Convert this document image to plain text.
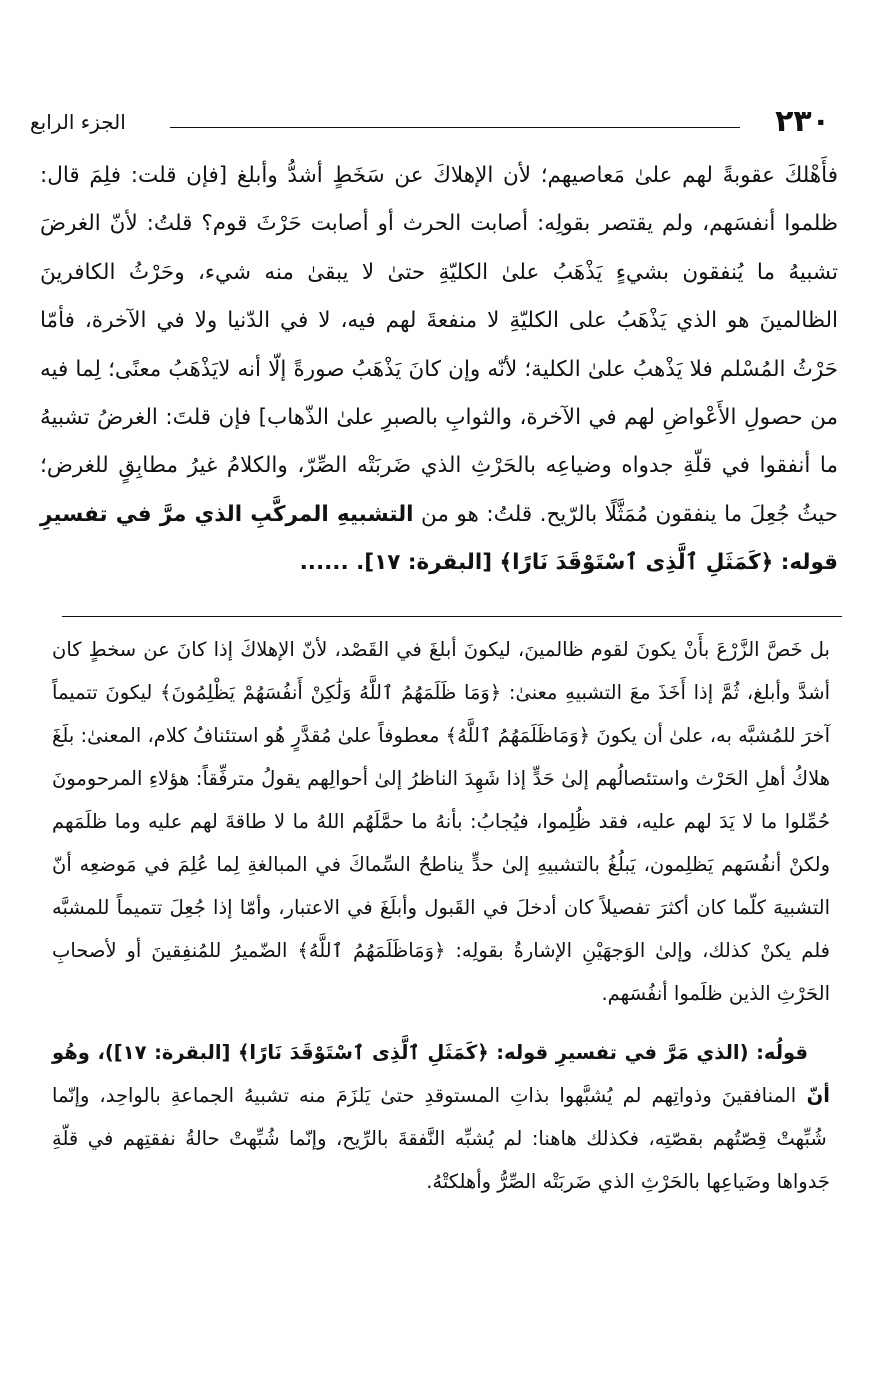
٢٣٠
الجزء الرابع

فأَهْلكَ عقوبةً لهم علىٰ مَعاصيهم؛ لأن الإهلاكَ عن سَخَطٍ أشدُّ وأبلغ [فإن قلت: فلِمَ قال: ظلموا أنفسَهم، ولم يقتصر بقولِه: أصابت الحرث أو أصابت حَرْثَ قوم؟ قلتُ: لأنّ الغرضَ تشبيهُ ما يُنفقون بشيءٍ يَذْهَبُ علىٰ الكليّةِ حتىٰ لا يبقىٰ منه شيء، وحَرْثُ الكافرينَ الظالمينَ هو الذي يَذْهَبُ على الكليّةِ لا منفعةَ لهم فيه، لا في الدّنيا ولا في الآخرة، فأمّا حَرْثُ المُسْلم فلا يَذْهبُ علىٰ الكلية؛ لأنّه وإن كانَ يَذْهَبُ صورةً إلّا أنه لايَذْهَبُ معنًى؛ لِما فيه من حصولِ الأَعْواضِ لهم في الآخرة، والثوابِ بالصبرِ علىٰ الذّهاب] فإن قلتَ: الغرضُ تشبيهُ ما أنفقوا في قلّةِ جدواه وضياعِه بالحَرْثِ الذي ضَربَتْه الصِّرّ، والكلامُ غيرُ مطابِقٍ للغرض؛ حيثُ جُعِلَ ما ينفقون مُمَثَّلًا بالرّيح. قلتُ: هو من التشبيهِ المركَّبِ الذي مرَّ في تفسيرِ قوله: ﴿كَمَثَلِ ٱلَّذِى ٱسْتَوْقَدَ نَارًا﴾ [البقرة: ١٧]. ......

بل خَصَّ الزَّرْعَ بأَنْ يكونَ لقوم ظالمينَ، ليكونَ أبلغَ في القَصْد، لأنّ الإهلاكَ إذا كانَ عن سخطٍ كان أشدَّ وأبلغ، ثُمَّ إذا أَخَذَ معَ التشبيهِ معنىٰ: ﴿وَمَا ظَلَمَهُمُ ٱللَّهُ وَلَٰكِنْ أَنفُسَهُمْ يَظْلِمُونَ﴾ ليكونَ تتميماً آخرَ للمُشبَّه به، علىٰ أن يكونَ ﴿وَمَاظَلَمَهُمُ ٱللَّهُ﴾ معطوفاً علىٰ مُقدَّرٍ هُو استئنافُ كلام، المعنىٰ: بلَغَ هلاكُ أهلِ الحَرْث واستئصالُهم إلىٰ حَدٍّ إذا شَهِدَ الناظرُ إلىٰ أحوالِهم يقولُ مترفِّقاً: هؤلاءِ المرحومونَ حُمِّلوا ما لا يَدَ لهم عليه، فقد ظُلِموا، فيُجابُ: بأنهُ ما حمَّلَهُم اللهُ ما لا طاقةَ لهم عليه وما ظلَمَهم ولكنْ أنفُسَهم يَظلِمون، يَبلُغُ بالتشبيهِ إلىٰ حدٍّ يناطحُ السِّماكَ في المبالغةِ لِما عُلِمَ في مَوضعِه أنّ التشبيهَ كلّما كان أكثرَ تفصيلاً كان أدخلَ في القَبول وأبلَغَ في الاعتبار، وأمّا إذا جُعِلَ تتميماً للمشبَّه فلم يكنْ كذلك، وإلىٰ الوَجهَيْنِ الإشارةُ بقولِه: ﴿وَمَاظَلَمَهُمُ ٱللَّهُ﴾ الضّميرُ للمُنفِقينَ أو لأصحابِ الحَرْثِ الذين ظلَموا أنفُسَهم.

قولُه: (الذي مَرَّ في تفسيرِ قوله: ﴿كَمَثَلِ ٱلَّذِى ٱسْتَوْقَدَ نَارًا﴾ [البقرة: ١٧])، وهُو أنّ المنافقينَ وذواتِهم لم يُشبَّهوا بذاتِ المستوقدِ حتىٰ يَلزَمَ منه تشبيهُ الجماعةِ بالواحِد، وإنّما شُبِّهتْ قِصّتُهم بقصّتِه، فكذلك هاهنا: لم يُشبِّه النَّفقةَ بالرِّيح، وإنّما شُبِّهتْ حالةُ نفقتِهم في قلّةِ جَدواها وضَياعِها بالحَرْثِ الذي ضَربَتْه الصِّرُّ وأهلكتْهُ.
